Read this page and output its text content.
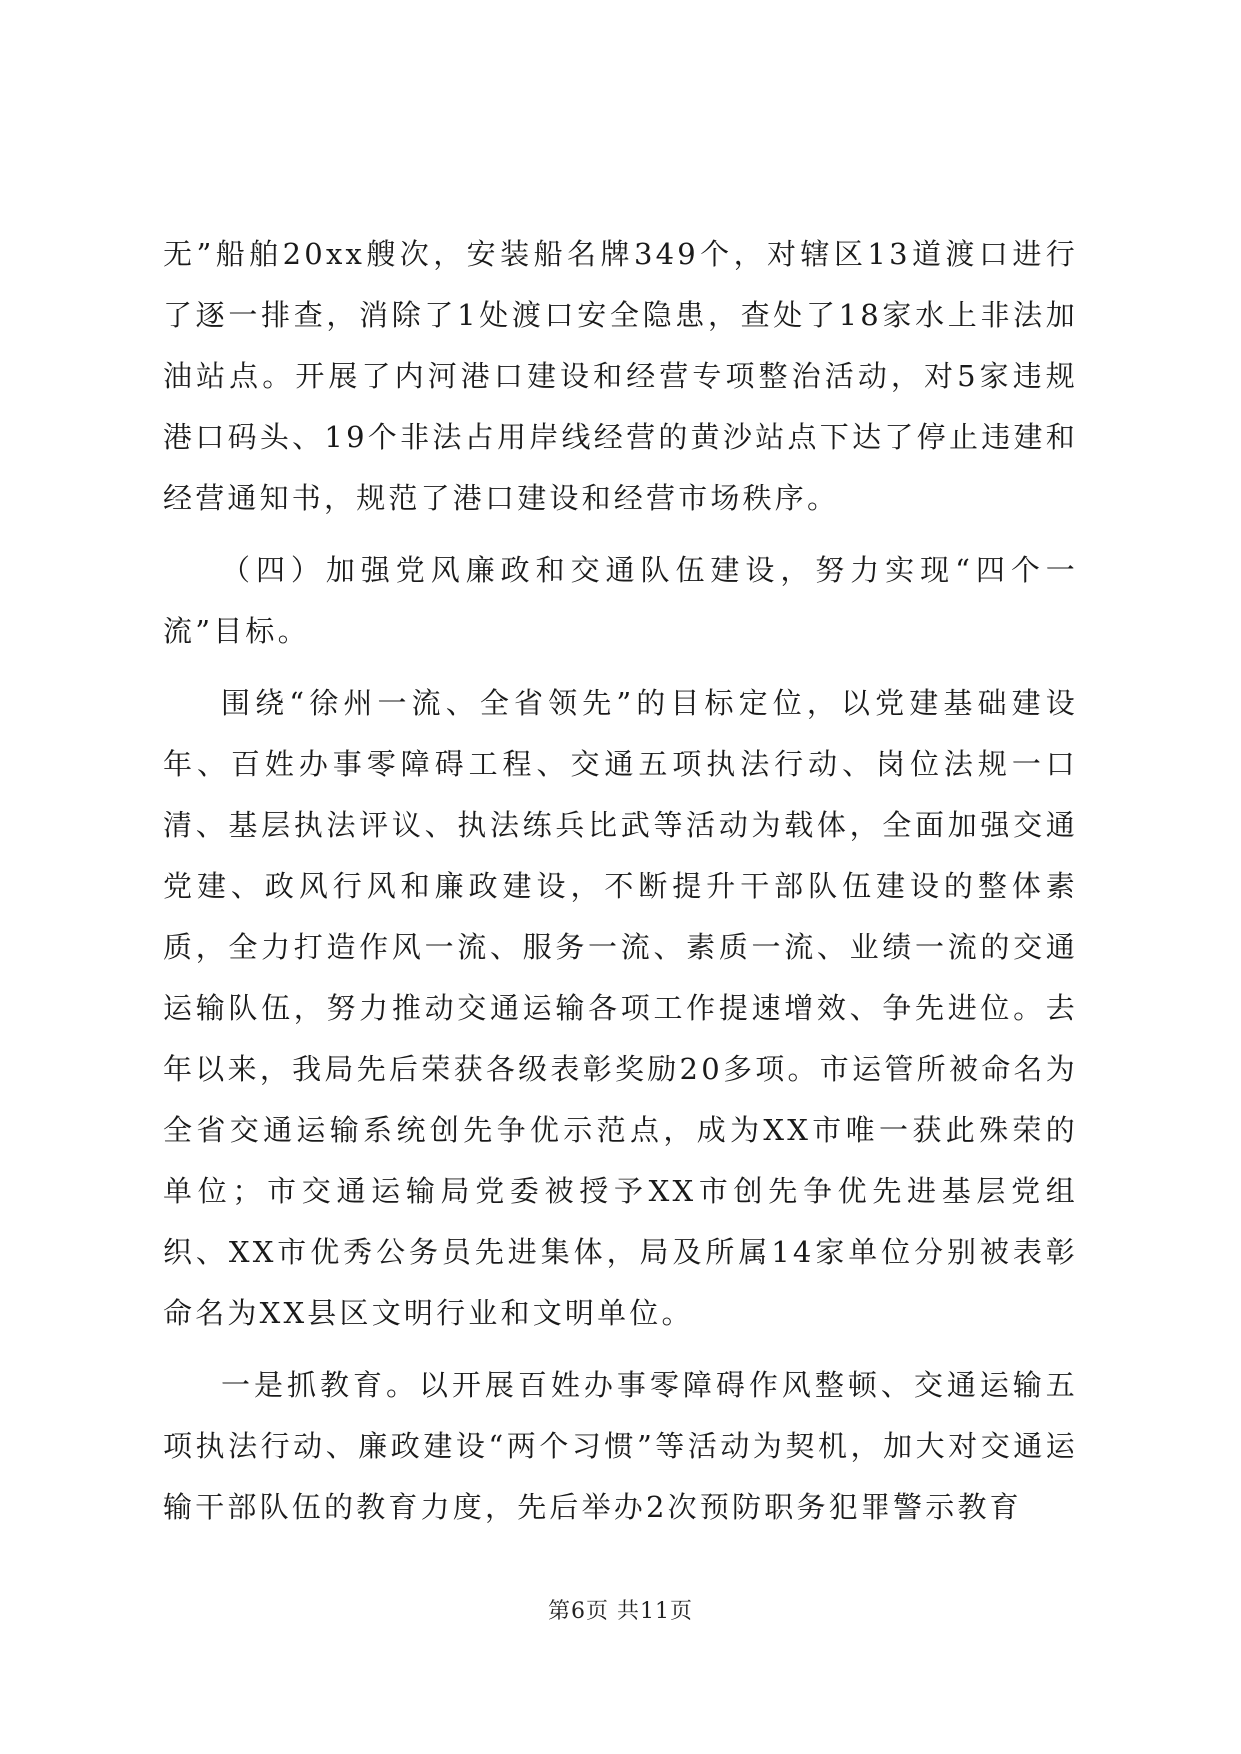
无”船舶20xx艘次，安装船名牌349个，对辖区13道渡口进行了逐一排查，消除了1处渡口安全隐患，查处了18家水上非法加油站点。开展了内河港口建设和经营专项整治活动，对5家违规港口码头、19个非法占用岸线经营的黄沙站点下达了停止违建和经营通知书，规范了港口建设和经营市场秩序。

（四）加强党风廉政和交通队伍建设，努力实现“四个一流”目标。

围绕“徐州一流、全省领先”的目标定位，以党建基础建设年、百姓办事零障碍工程、交通五项执法行动、岗位法规一口清、基层执法评议、执法练兵比武等活动为载体，全面加强交通党建、政风行风和廉政建设，不断提升干部队伍建设的整体素质，全力打造作风一流、服务一流、素质一流、业绩一流的交通运输队伍，努力推动交通运输各项工作提速增效、争先进位。去年以来，我局先后荣获各级表彰奖励20多项。市运管所被命名为全省交通运输系统创先争优示范点，成为XX市唯一获此殊荣的单位；市交通运输局党委被授予XX市创先争优先进基层党组织、XX市优秀公务员先进集体，局及所属14家单位分别被表彰命名为XX县区文明行业和文明单位。

一是抓教育。以开展百姓办事零障碍作风整顿、交通运输五项执法行动、廉政建设“两个习惯”等活动为契机，加大对交通运输干部队伍的教育力度，先后举办2次预防职务犯罪警示教育

第6页 共11页
